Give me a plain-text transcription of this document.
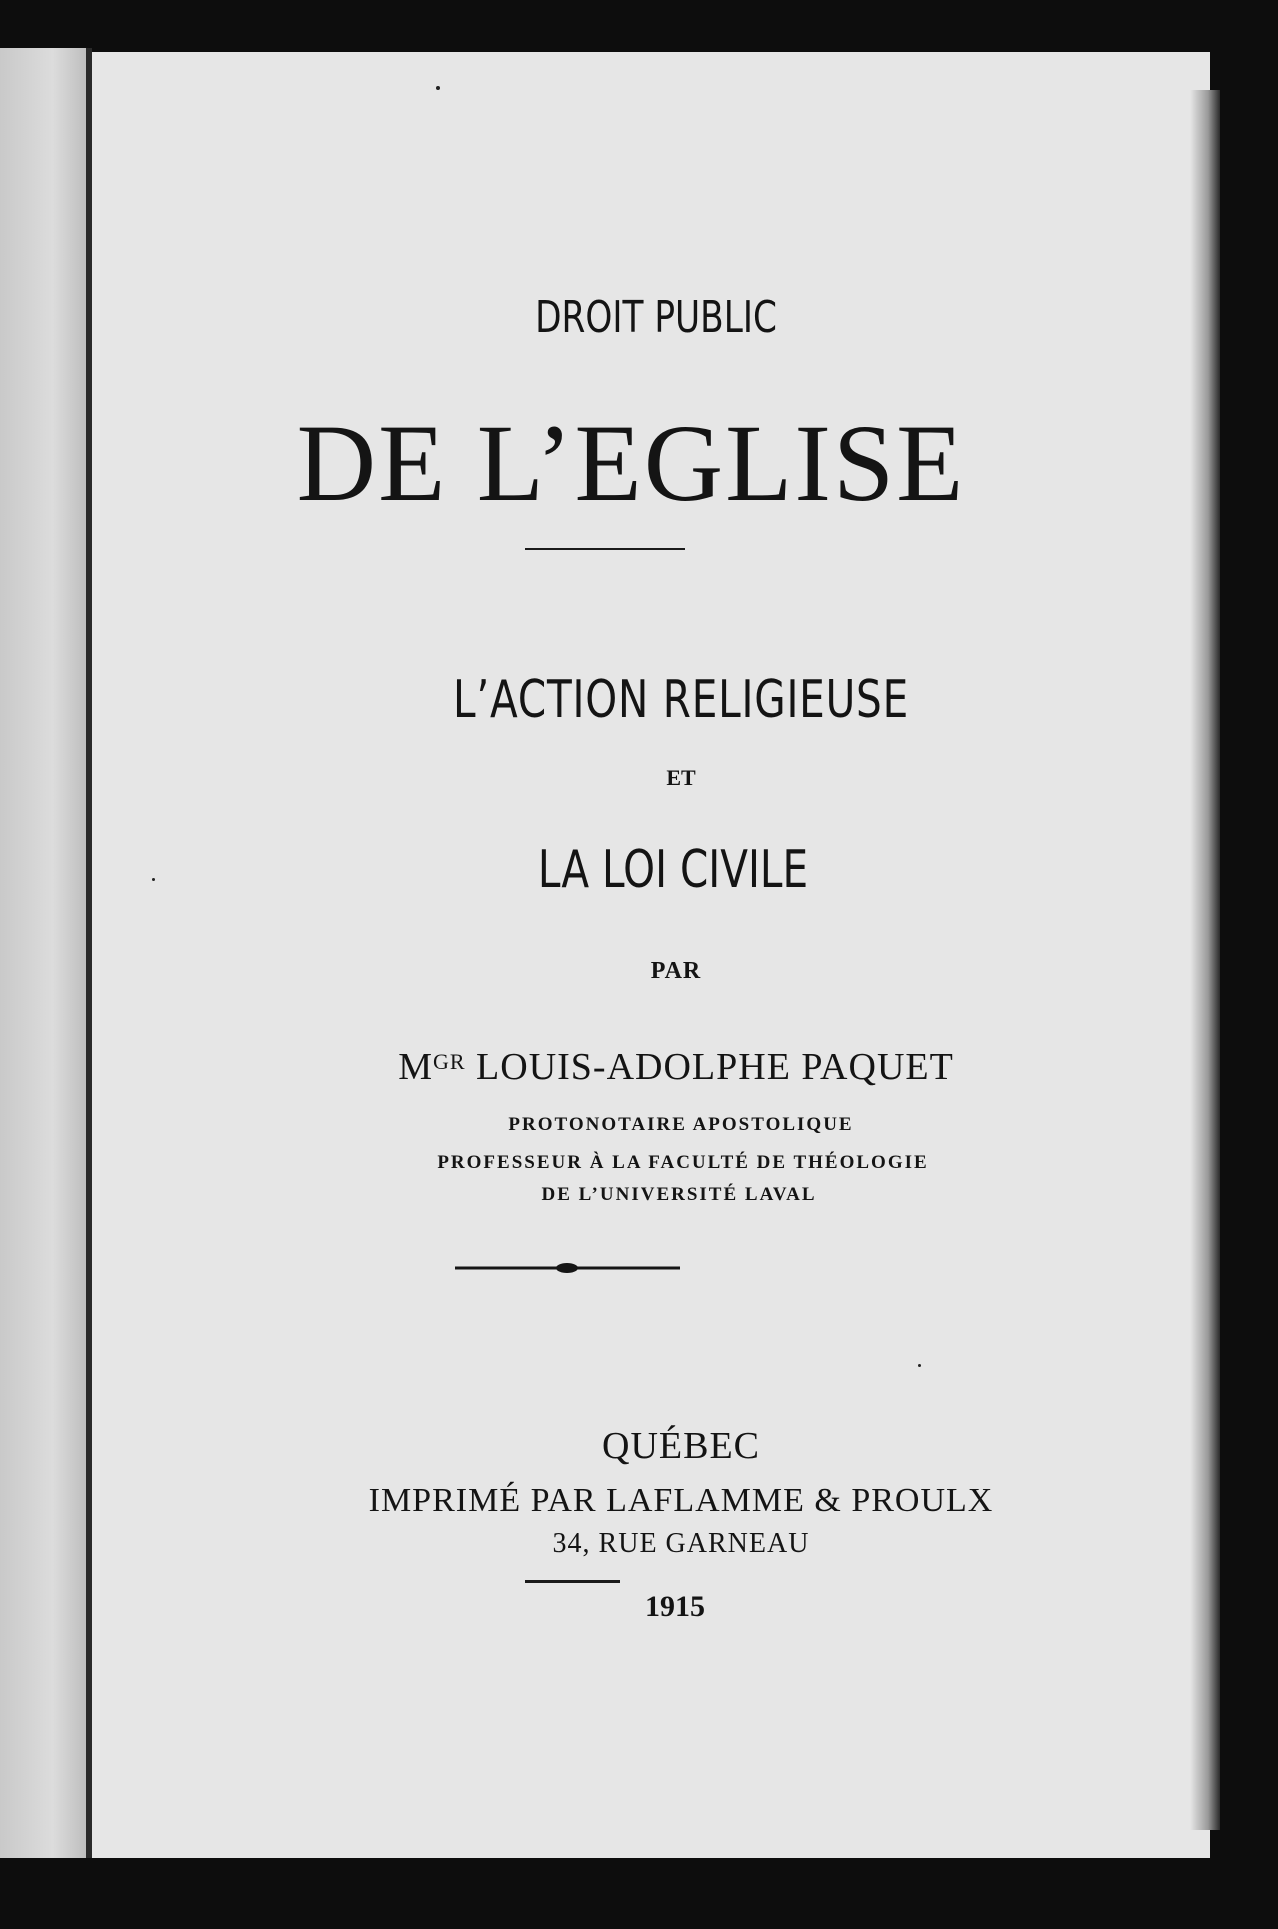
DROIT PUBLIC
DE L’EGLISE
L’ACTION RELIGIEUSE
ET
LA LOI CIVILE
PAR
$M^{GR}$ LOUIS-ADOLPHE PAQUET
PROTONOTAIRE APOSTOLIQUE
PROFESSEUR À LA FACULTÉ DE THÉOLOGIE
DE L’UNIVERSITÉ LAVAL
QUÉBEC
IMPRIMÉ PAR LAFLAMME & PROULX
34, RUE GARNEAU
1915
